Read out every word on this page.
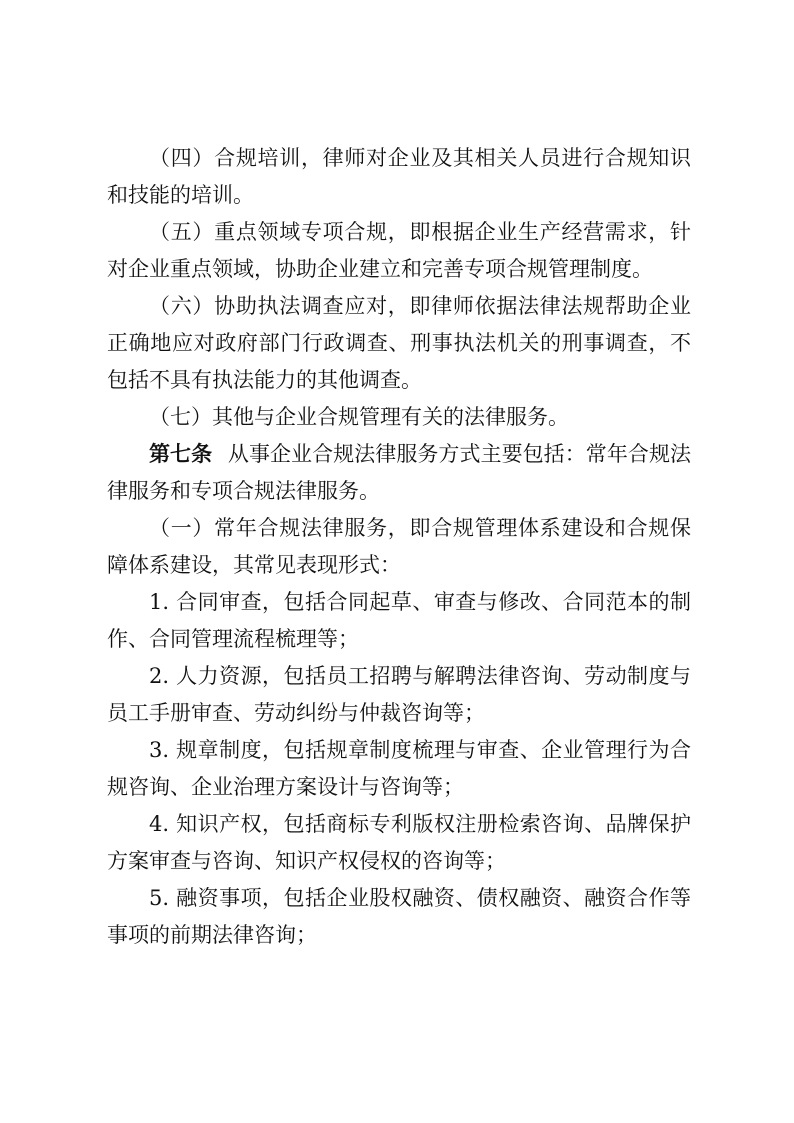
（四）合规培训，律师对企业及其相关人员进行合规知识和技能的培训。

（五）重点领域专项合规，即根据企业生产经营需求，针对企业重点领域，协助企业建立和完善专项合规管理制度。

（六）协助执法调查应对，即律师依据法律法规帮助企业正确地应对政府部门行政调查、刑事执法机关的刑事调查，不包括不具有执法能力的其他调查。

（七）其他与企业合规管理有关的法律服务。

第七条 从事企业合规法律服务方式主要包括：常年合规法律服务和专项合规法律服务。

（一）常年合规法律服务，即合规管理体系建设和合规保障体系建设，其常见表现形式：

1. 合同审查，包括合同起草、审查与修改、合同范本的制作、合同管理流程梳理等；

2. 人力资源，包括员工招聘与解聘法律咨询、劳动制度与员工手册审查、劳动纠纷与仲裁咨询等；

3. 规章制度，包括规章制度梳理与审查、企业管理行为合规咨询、企业治理方案设计与咨询等；

4. 知识产权，包括商标专利版权注册检索咨询、品牌保护方案审查与咨询、知识产权侵权的咨询等；

5. 融资事项，包括企业股权融资、债权融资、融资合作等事项的前期法律咨询；
